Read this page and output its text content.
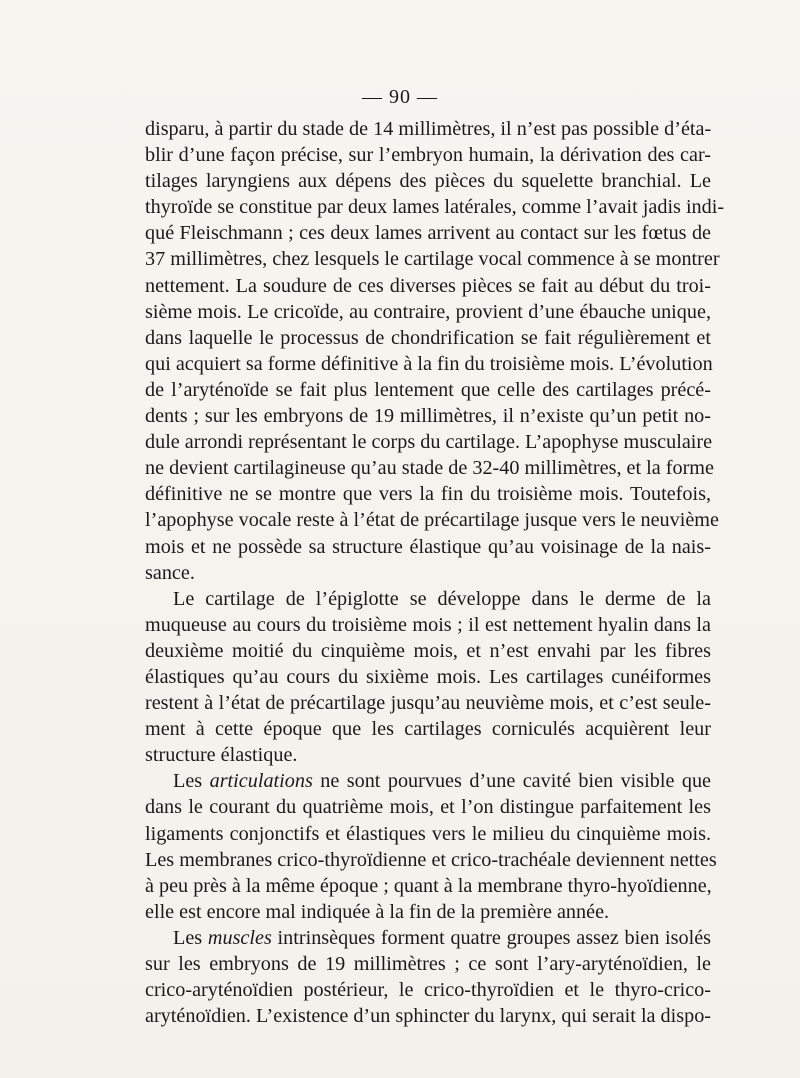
— 90 —

disparu, à partir du stade de 14 millimètres, il n’est pas possible d’éta-
blir d’une façon précise, sur l’embryon humain, la dérivation des car-
tilages laryngiens aux dépens des pièces du squelette branchial. Le
thyroïde se constitue par deux lames latérales, comme l’avait jadis indi-
qué Fleischmann ; ces deux lames arrivent au contact sur les fœtus de
37 millimètres, chez lesquels le cartilage vocal commence à se montrer
nettement. La soudure de ces diverses pièces se fait au début du troi-
sième mois. Le cricoïde, au contraire, provient d’une ébauche unique,
dans laquelle le processus de chondrification se fait régulièrement et
qui acquiert sa forme définitive à la fin du troisième mois. L’évolution
de l’aryténoïde se fait plus lentement que celle des cartilages précé-
dents ; sur les embryons de 19 millimètres, il n’existe qu’un petit no-
dule arrondi représentant le corps du cartilage. L’apophyse musculaire
ne devient cartilagineuse qu’au stade de 32-40 millimètres, et la forme
définitive ne se montre que vers la fin du troisième mois. Toutefois,
l’apophyse vocale reste à l’état de précartilage jusque vers le neuvième
mois et ne possède sa structure élastique qu’au voisinage de la nais-
sance.

Le cartilage de l’épiglotte se développe dans le derme de la
muqueuse au cours du troisième mois ; il est nettement hyalin dans la
deuxième moitié du cinquième mois, et n’est envahi par les fibres
élastiques qu’au cours du sixième mois. Les cartilages cunéiformes
restent à l’état de précartilage jusqu’au neuvième mois, et c’est seule-
ment à cette époque que les cartilages corniculés acquièrent leur
structure élastique.

Les articulations ne sont pourvues d’une cavité bien visible que
dans le courant du quatrième mois, et l’on distingue parfaitement les
ligaments conjonctifs et élastiques vers le milieu du cinquième mois.
Les membranes crico-thyroïdienne et crico-trachéale deviennent nettes
à peu près à la même époque ; quant à la membrane thyro-hyoïdienne,
elle est encore mal indiquée à la fin de la première année.

Les muscles intrinsèques forment quatre groupes assez bien isolés
sur les embryons de 19 millimètres ; ce sont l’ary-aryténoïdien, le
crico-aryténoïdien postérieur, le crico-thyroïdien et le thyro-crico-
aryténoïdien. L’existence d’un sphincter du larynx, qui serait la dispo-
